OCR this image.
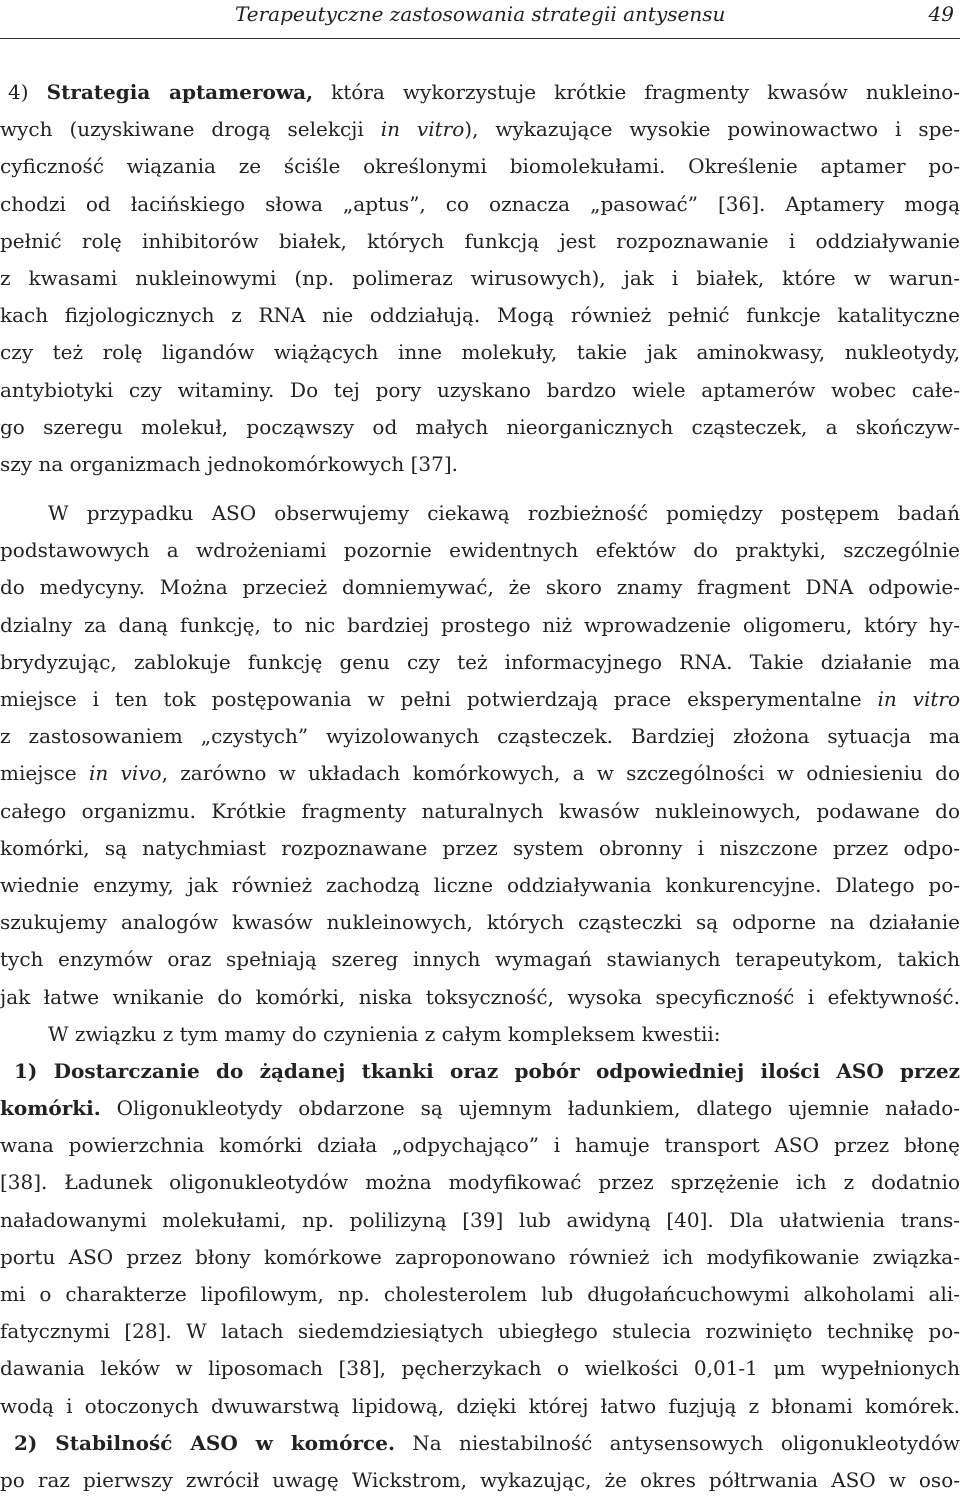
Terapeutyczne zastosowania strategii antysensu	49
4) Strategia aptamerowa, która wykorzystuje krótkie fragmenty kwasów nukleino-
wych (uzyskiwane drogą selekcji in vitro), wykazujące wysokie powinowactwo i spe-
cyficzność wiązania ze ściśle określonymi biomolekułami. Określenie aptamer po-
chodzi od łacińskiego słowa „aptus”, co oznacza „pasować” [36]. Aptamery mogą
pełnić rolę inhibitorów białek, których funkcją jest rozpoznawanie i oddziaływanie
z kwasami nukleinowymi (np. polimeraz wirusowych), jak i białek, które w warun-
kach fizjologicznych z RNA nie oddziałują. Mogą również pełnić funkcje katalityczne
czy też rolę ligandów wiążących inne molekuły, takie jak aminokwasy, nukleotydy,
antybiotyki czy witaminy. Do tej pory uzyskano bardzo wiele aptamerów wobec całe-
go szeregu molekuł, począwszy od małych nieorganicznych cząsteczek, a skończyw-
szy na organizmach jednokomórkowych [37].
W przypadku ASO obserwujemy ciekawą rozbieżność pomiędzy postępem badań
podstawowych a wdrożeniami pozornie ewidentnych efektów do praktyki, szczególnie
do medycyny. Można przecież domniemywać, że skoro znamy fragment DNA odpowie-
dzialny za daną funkcję, to nic bardziej prostego niż wprowadzenie oligomeru, który hy-
brydyzując, zablokuje funkcję genu czy też informacyjnego RNA. Takie działanie ma
miejsce i ten tok postępowania w pełni potwierdzają prace eksperymentalne in vitro
z zastosowaniem „czystych” wyizolowanych cząsteczek. Bardziej złożona sytuacja ma
miejsce in vivo, zarówno w układach komórkowych, a w szczególności w odniesieniu do
całego organizmu. Krótkie fragmenty naturalnych kwasów nukleinowych, podawane do
komórki, są natychmiast rozpoznawane przez system obronny i niszczone przez odpo-
wiednie enzymy, jak również zachodzą liczne oddziaływania konkurencyjne. Dlatego po-
szukujemy analogów kwasów nukleinowych, których cząsteczki są odporne na działanie
tych enzymów oraz spełniają szereg innych wymagań stawianych terapeutykom, takich
jak łatwe wnikanie do komórki, niska toksyczność, wysoka specyficzność i efektywność.
W związku z tym mamy do czynienia z całym kompleksem kwestii:
1) Dostarczanie do żądanej tkanki oraz pobór odpowiedniej ilości ASO przez
komórki. Oligonukleotydy obdarzone są ujemnym ładunkiem, dlatego ujemnie nałado-
wana powierzchnia komórki działa „odpychająco” i hamuje transport ASO przez błonę
[38]. Ładunek oligonukleotydów można modyfikować przez sprzężenie ich z dodatnio
naładowanymi molekułami, np. polilizyną [39] lub awidyną [40]. Dla ułatwienia trans-
portu ASO przez błony komórkowe zaproponowano również ich modyfikowanie związka-
mi o charakterze lipofilowym, np. cholesterolem lub długołańcuchowymi alkoholami ali-
fatycznymi [28]. W latach siedemdziesiątych ubiegłego stulecia rozwinięto technikę po-
dawania leków w liposomach [38], pęcherzykach o wielkości 0,01-1 μm wypełnionych
wodą i otoczonych dwuwarstwą lipidową, dzięki której łatwo fuzjują z błonami komórek.
2) Stabilność ASO w komórce. Na niestabilność antysensowych oligonukleotydów
po raz pierwszy zwrócił uwagę Wickstrom, wykazując, że okres półtrwania ASO w oso-
